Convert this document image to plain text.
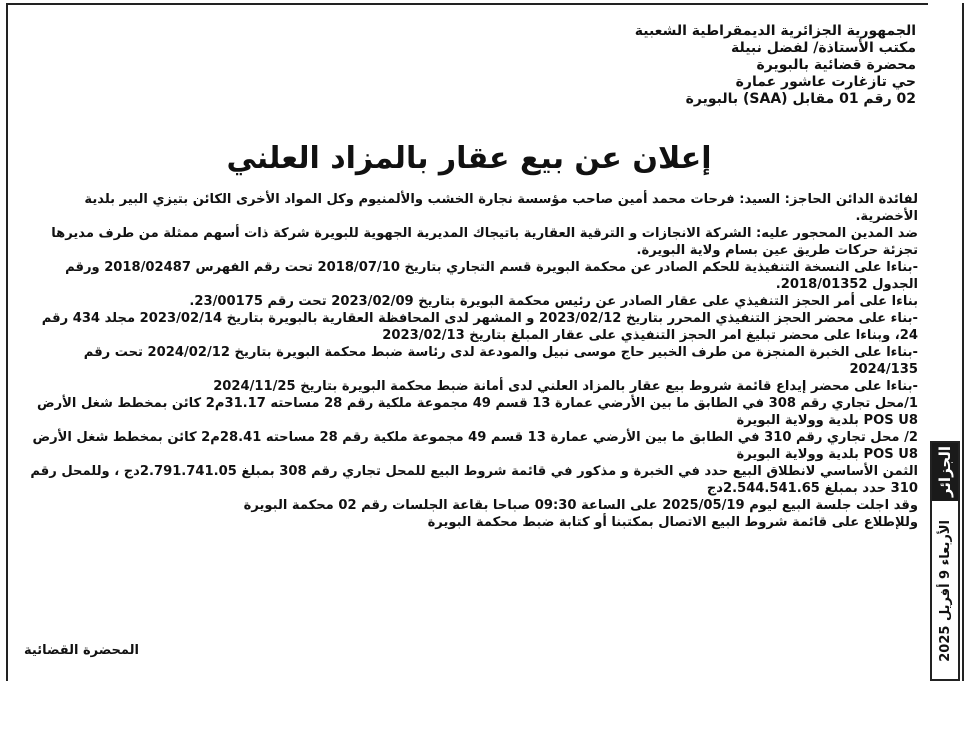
الجمهورية الجزائرية الديمقراطية الشعبية
مكتب الأستاذة/ لفضل نبيلة
محضرة قضائية بالبويرة
حي تازغارت عاشور عمارة
02 رقم 01 مقابل (SAA) بالبويرة
إعلان عن بيع عقار بالمزاد العلني

لفائدة الدائن الحاجز: السيد: فرحات محمد أمين صاحب مؤسسة نجارة الخشب والألمنيوم وكل المواد الأخرى الكائن بتيزي البير بلدية الأخضرية.

ضد المدين المحجور عليه: الشركة الانجازات و الترقية العقارية باتيجاك المديرية الجهوية للبويرة شركة ذات أسهم ممثلة من طرف مديرها تجزئة حركات طريق عين بسام ولاية البويرة.

-بناءا على النسخة التنفيذية للحكم الصادر عن محكمة البويرة قسم التجاري بتاريخ 2018/07/10 تحت رقم الفهرس 2018/02487 ورقم الجدول 2018/01352.

بناءا على أمر الحجز التنفيذي على عقار الصادر عن رئيس محكمة البويرة بتاريخ 2023/02/09 تحت رقم 23/00175.

-بناء على محضر الحجز التنفيذي المحرر بتاريخ 2023/02/12 و المشهر لدى المحافظة العقارية بالبويرة بتاريخ 2023/02/14 مجلد 434 رقم 24، وبناءا على محضر تبليغ امر الحجز التنفيذي على عقار المبلغ بتاريخ 2023/02/13

-بناءا على الخبرة المنجزة من طرف الخبير حاج موسى نبيل والمودعة لدى رئاسة ضبط محكمة البويرة بتاريخ 2024/02/12 تحت رقم 2024/135

-بناءا على محضر إيداع قائمة شروط بيع عقار بالمزاد العلني لدى أمانة ضبط محكمة البويرة بتاريخ 2024/11/25

1/محل تجاري رقم 308 في الطابق ما بين الأرضي عمارة 13 قسم 49 مجموعة ملكية رقم 28 مساحته 31.17م2 كائن بمخطط شغل الأرض POS U8 بلدية وولاية البويرة

2/ محل تجاري رقم 310 في الطابق ما بين الأرضي عمارة 13 قسم 49 مجموعة ملكية رقم 28 مساحته 28.41م2 كائن بمخطط شغل الأرض POS U8 بلدية وولاية البويرة

الثمن الأساسي لانطلاق البيع حدد في الخبرة و مذكور في قائمة شروط البيع للمحل تجاري رقم 308 بمبلغ 2.791.741.05دج ، وللمحل رقم 310 حدد بمبلغ 2.544.541.65دج

وقد اجلت جلسة البيع ليوم 2025/05/19 على الساعة 09:30 صباحا بقاعة الجلسات رقم 02 محكمة البويرة

وللإطلاع على قائمة شروط البيع الاتصال بمكتبنا أو كتابة ضبط محكمة البويرة

المحضرة القضائية
الجزائر
الأربعاء 9 أفريل 2025
